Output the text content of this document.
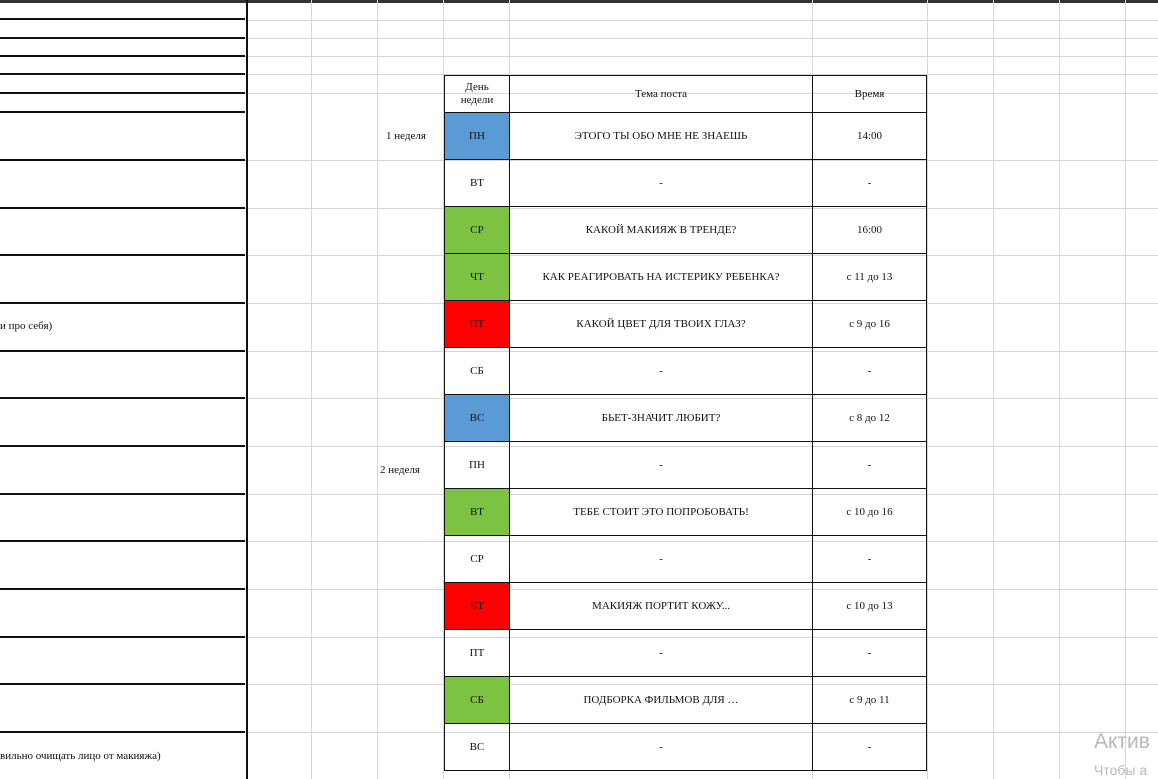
и про себя)
вильно очищать лицо от макияжа)
1 неделя
2 неделя
День недели	Тема поста	Время
ПН	ЭТОГО ТЫ ОБО МНЕ НЕ ЗНАЕШЬ	14:00
ВТ	-	-
СР	КАКОЙ МАКИЯЖ В ТРЕНДЕ?	16:00
ЧТ	КАК РЕАГИРОВАТЬ НА ИСТЕРИКУ РЕБЕНКА?	с 11 до 13
ПТ	КАКОЙ ЦВЕТ ДЛЯ ТВОИХ ГЛАЗ?	с 9 до 16
СБ	-	-
ВС	БЬЕТ-ЗНАЧИТ ЛЮБИТ?	с 8 до 12
ПН	-	-
ВТ	ТЕБЕ СТОИТ ЭТО ПОПРОБОВАТЬ!	с 10 до 16
СР	-	-
ЧТ	МАКИЯЖ ПОРТИТ КОЖУ...	с 10 до 13
ПТ	-	-
СБ	ПОДБОРКА ФИЛЬМОВ ДЛЯ …	с 9 до 11
ВС	-	-	Актив
Чтобы а
